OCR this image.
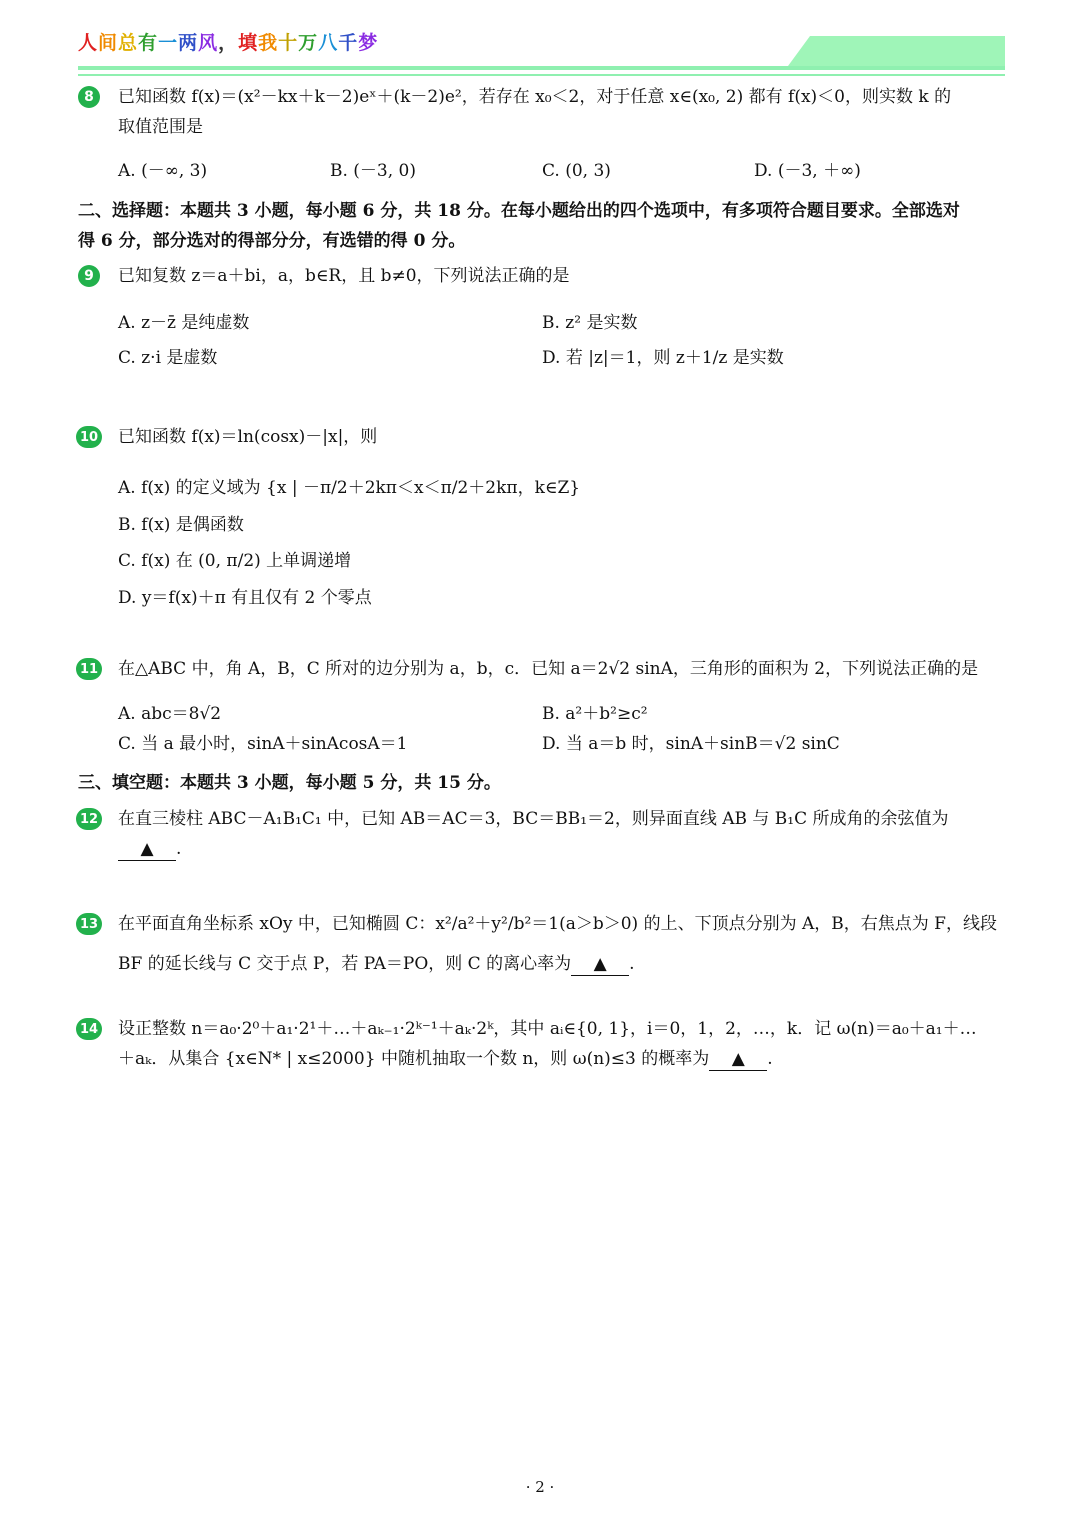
人间总有一两风，填我十万八千梦
8	已知函数 f(x)＝(x²－kx＋k－2)eˣ＋(k－2)e²，若存在 x₀＜2，对于任意 x∈(x₀, 2) 都有 f(x)＜0，则实数 k 的
取值范围是
A. (－∞, 3)	B. (－3, 0)	C. (0, 3)	D. (－3, ＋∞)
二、选择题：本题共 3 小题，每小题 6 分，共 18 分。在每小题给出的四个选项中，有多项符合题目要求。全部选对
得 6 分，部分选对的得部分分，有选错的得 0 分。
9	已知复数 z＝a＋bi，a，b∈R，且 b≠0，下列说法正确的是
A. z－z̄ 是纯虚数	B. z² 是实数
C. z·i 是虚数	D. 若 |z|＝1，则 z＋1/z 是实数
10 已知函数 f(x)＝ln(cosx)－|x|，则
A. f(x) 的定义域为 {x | －π/2＋2kπ＜x＜π/2＋2kπ，k∈Z}
B. f(x) 是偶函数
C. f(x) 在 (0, π/2) 上单调递增
D. y＝f(x)＋π 有且仅有 2 个零点
11 在△ABC 中，角 A，B，C 所对的边分别为 a，b，c．已知 a＝2√2 sinA，三角形的面积为 2，下列说法正确的是
A. abc＝8√2	B. a²＋b²≥c²
C. 当 a 最小时，sinA＋sinAcosA＝1	D. 当 a＝b 时，sinA＋sinB＝√2 sinC
三、填空题：本题共 3 小题，每小题 5 分，共 15 分。
12 在直三棱柱 ABC－A₁B₁C₁ 中，已知 AB＝AC＝3，BC＝BB₁＝2，则异面直线 AB 与 B₁C 所成角的余弦值为
▲ .
13 在平面直角坐标系 xOy 中，已知椭圆 C：x²/a²＋y²/b²＝1(a＞b＞0) 的上、下顶点分别为 A，B，右焦点为 F，线段
BF 的延长线与 C 交于点 P，若 PA＝PO，则 C 的离心率为 ▲ .
14 设正整数 n＝a₀·2⁰＋a₁·2¹＋…＋aₖ₋₁·2ᵏ⁻¹＋aₖ·2ᵏ，其中 aᵢ∈{0, 1}，i＝0，1，2，…，k．记 ω(n)＝a₀＋a₁＋…
＋aₖ．从集合 {x∈N* | x≤2000} 中随机抽取一个数 n，则 ω(n)≤3 的概率为 ▲ .
· 2 ·
